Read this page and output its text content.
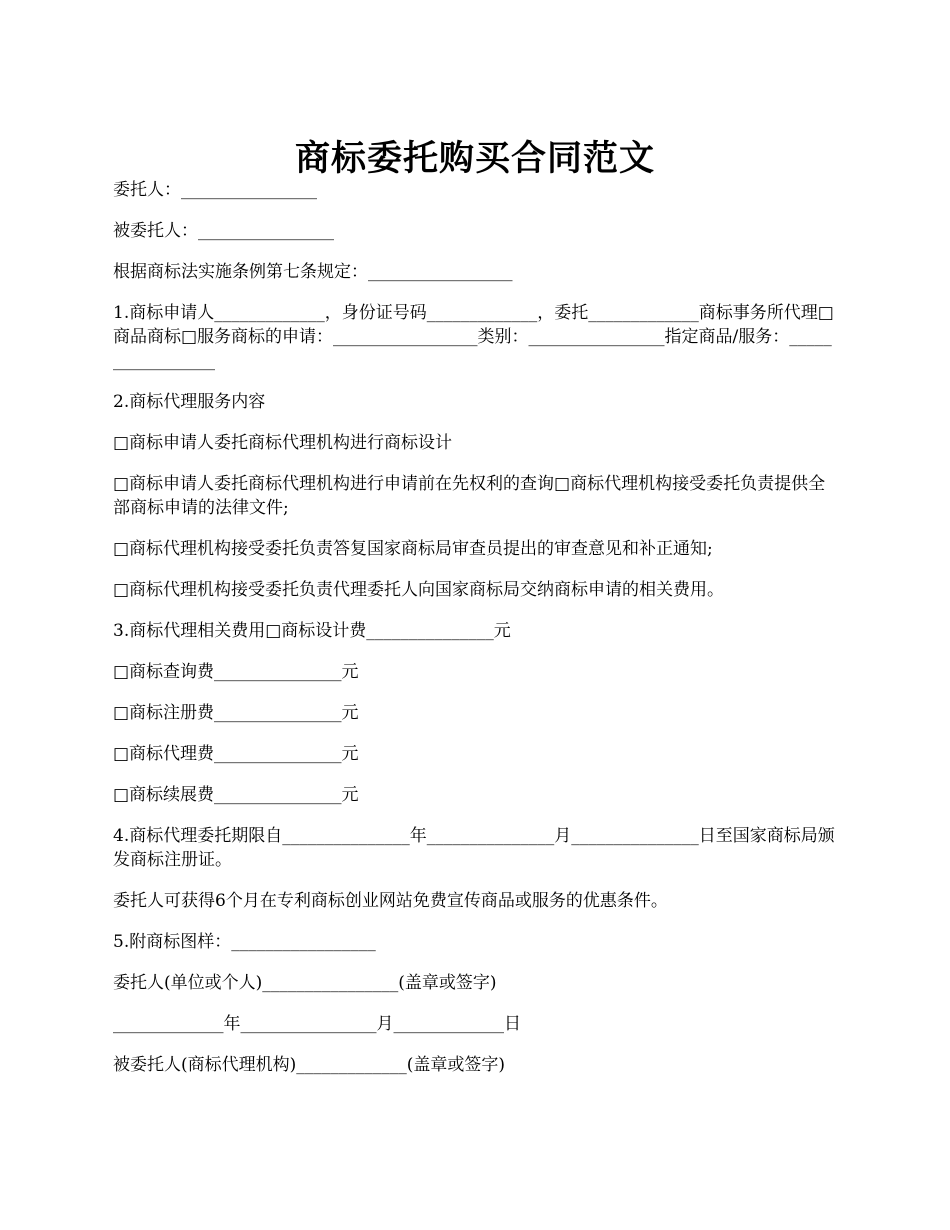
商标委托购买合同范文

委托人：________________

被委托人：________________

根据商标法实施条例第七条规定：_________________

1.商标申请人_____________，身份证号码_____________，委托_____________商标事务所代理□商品商标□服务商标的申请：_________________类别：________________指定商品/服务：_________________

2.商标代理服务内容

□商标申请人委托商标代理机构进行商标设计

□商标申请人委托商标代理机构进行申请前在先权利的查询□商标代理机构接受委托负责提供全部商标申请的法律文件;

□商标代理机构接受委托负责答复国家商标局审查员提出的审查意见和补正通知;

□商标代理机构接受委托负责代理委托人向国家商标局交纳商标申请的相关费用。

3.商标代理相关费用□商标设计费_______________元

□商标查询费_______________元

□商标注册费_______________元

□商标代理费_______________元

□商标续展费_______________元

4.商标代理委托期限自_______________年_______________月_______________日至国家商标局颁发商标注册证。

委托人可获得6个月在专利商标创业网站免费宣传商品或服务的优惠条件。

5.附商标图样：_________________

委托人(单位或个人)________________(盖章或签字)

_____________年________________月_____________日

被委托人(商标代理机构)_____________(盖章或签字)
